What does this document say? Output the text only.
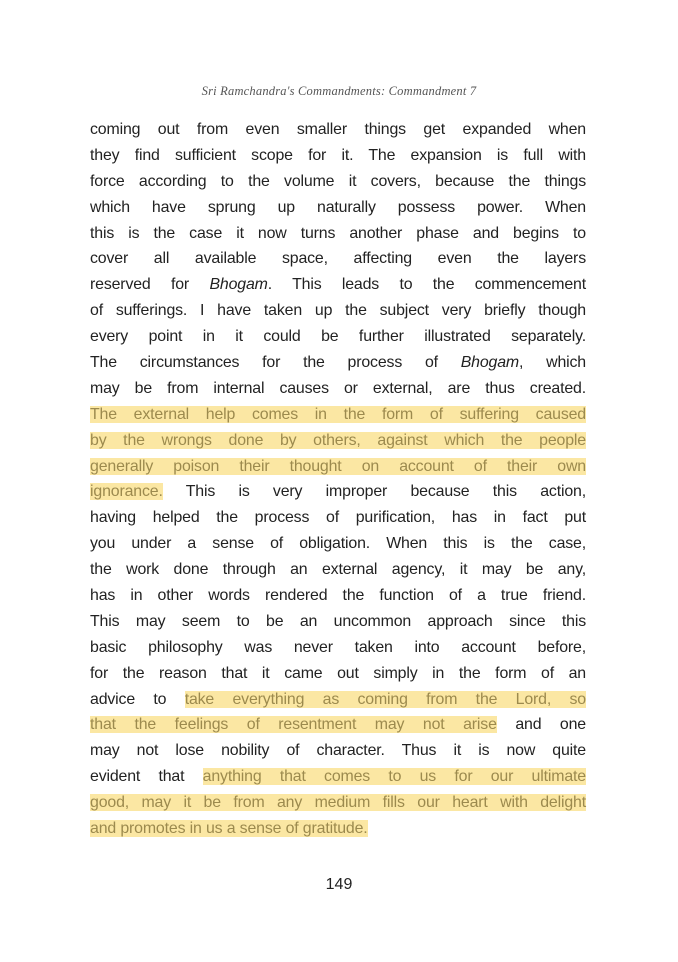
Sri Ramchandra's Commandments: Commandment 7
coming out from even smaller things get expanded when
they find sufficient scope for it. The expansion is full with
force according to the volume it covers, because the things
which have sprung up naturally possess power. When
this is the case it now turns another phase and begins to
cover all available space, affecting even the layers
reserved for Bhogam. This leads to the commencement
of sufferings. I have taken up the subject very briefly though
every point in it could be further illustrated separately.
The circumstances for the process of Bhogam, which
may be from internal causes or external, are thus created.
The external help comes in the form of suffering caused
by the wrongs done by others, against which the people
generally poison their thought on account of their own
ignorance. This is very improper because this action,
having helped the process of purification, has in fact put
you under a sense of obligation. When this is the case,
the work done through an external agency, it may be any,
has in other words rendered the function of a true friend.
This may seem to be an uncommon approach since this
basic philosophy was never taken into account before,
for the reason that it came out simply in the form of an
advice to take everything as coming from the Lord, so
that the feelings of resentment may not arise and one
may not lose nobility of character. Thus it is now quite
evident that anything that comes to us for our ultimate
good, may it be from any medium fills our heart with delight
and promotes in us a sense of gratitude.
149
